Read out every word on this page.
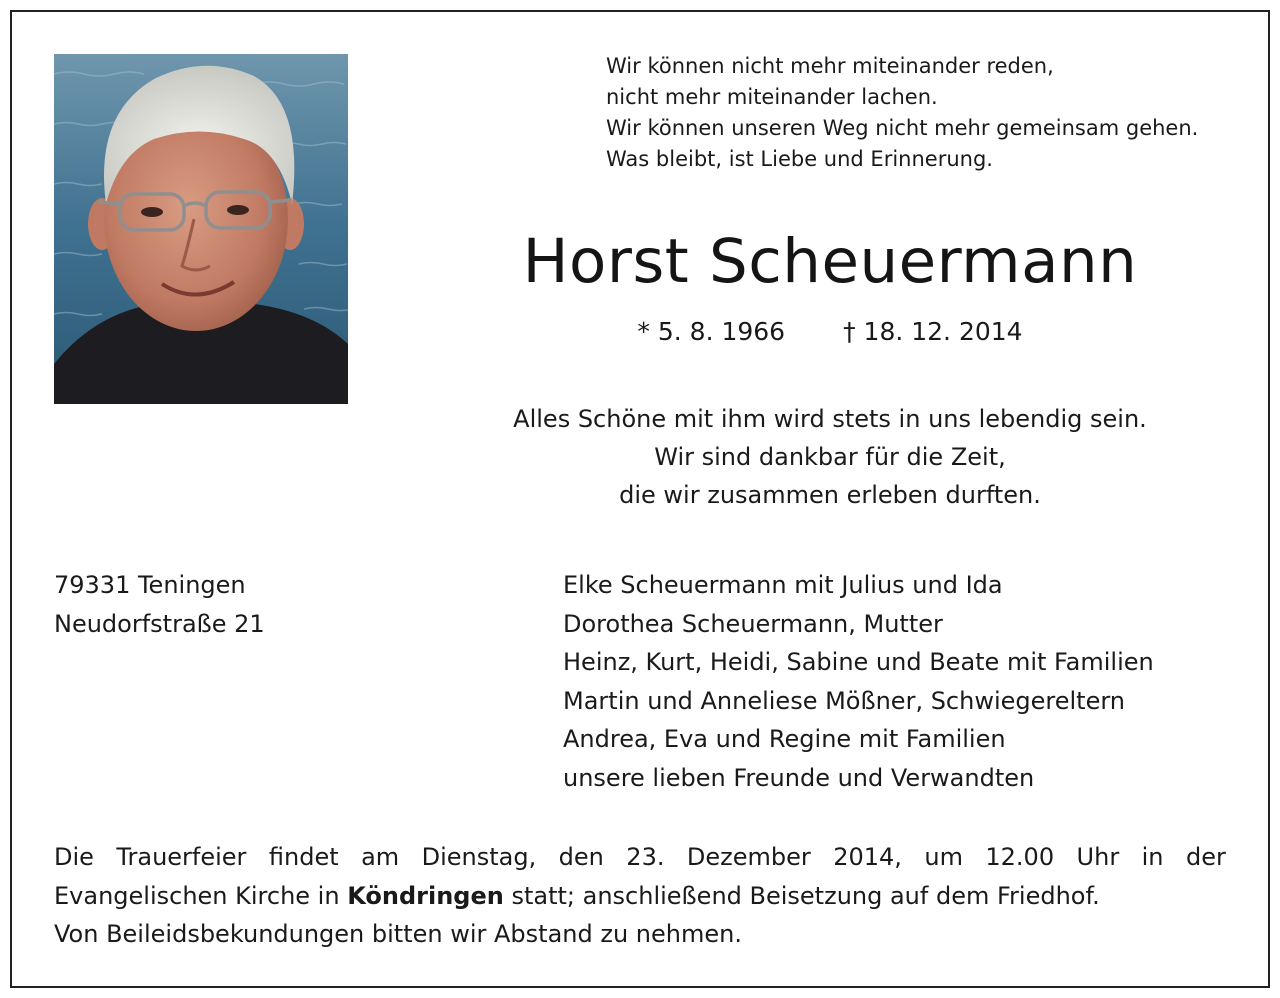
Wir können nicht mehr miteinander reden,
nicht mehr miteinander lachen.
Wir können unseren Weg nicht mehr gemeinsam gehen.
Was bleibt, ist Liebe und Erinnerung.
Horst Scheuermann
* 5. 8. 1966 † 18. 12. 2014
Alles Schöne mit ihm wird stets in uns lebendig sein.
Wir sind dankbar für die Zeit,
die wir zusammen erleben durften.
79331 Teningen
Neudorfstraße 21
Elke Scheuermann mit Julius und Ida
Dorothea Scheuermann, Mutter
Heinz, Kurt, Heidi, Sabine und Beate mit Familien
Martin und Anneliese Mößner, Schwiegereltern
Andrea, Eva und Regine mit Familien
unsere lieben Freunde und Verwandten
Die Trauerfeier findet am Dienstag, den 23. Dezember 2014, um 12.00 Uhr in der
Evangelischen Kirche in Köndringen statt; anschließend Beisetzung auf dem Friedhof.
Von Beileidsbekundungen bitten wir Abstand zu nehmen.
